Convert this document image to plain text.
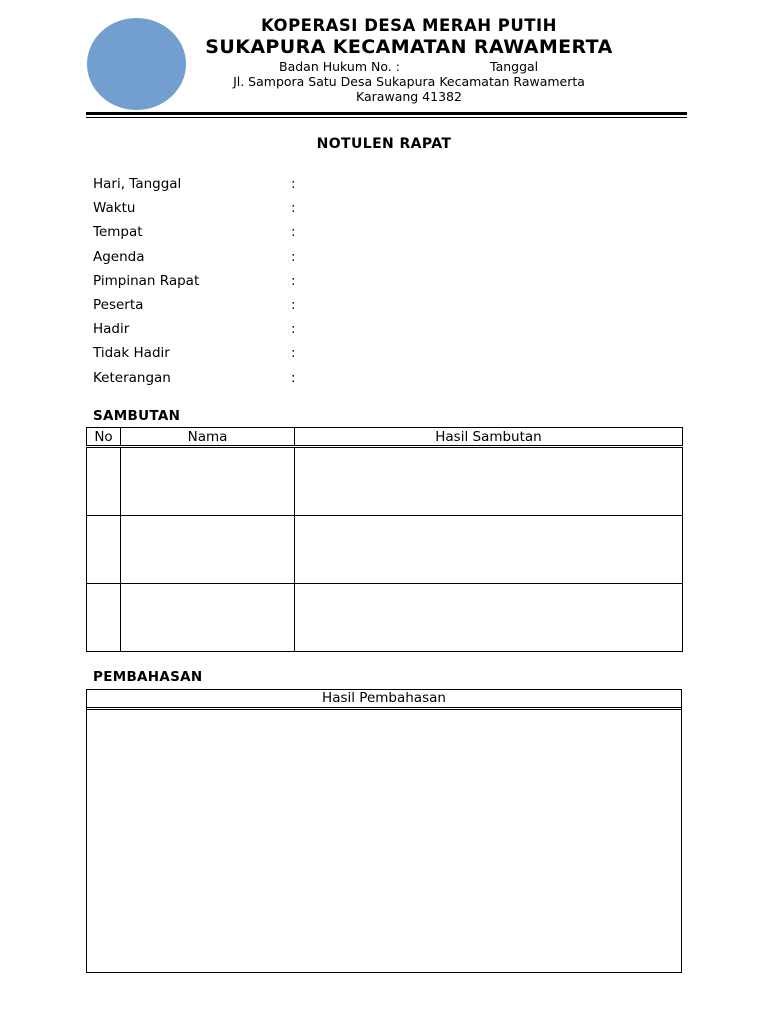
KOPERASI DESA MERAH PUTIH
SUKAPURA KECAMATAN RAWAMERTA
Badan Hukum No. :	Tanggal
Jl. Sampora Satu Desa Sukapura Kecamatan Rawamerta
Karawang 41382
NOTULEN RAPAT
Hari, Tanggal	:
Waktu	:
Tempat	:
Agenda	:
Pimpinan Rapat	:
Peserta	:
Hadir	:
Tidak Hadir	:
Keterangan	:
SAMBUTAN
No	Nama	Hasil Sambutan

PEMBAHASAN
Hasil Pembahasan
